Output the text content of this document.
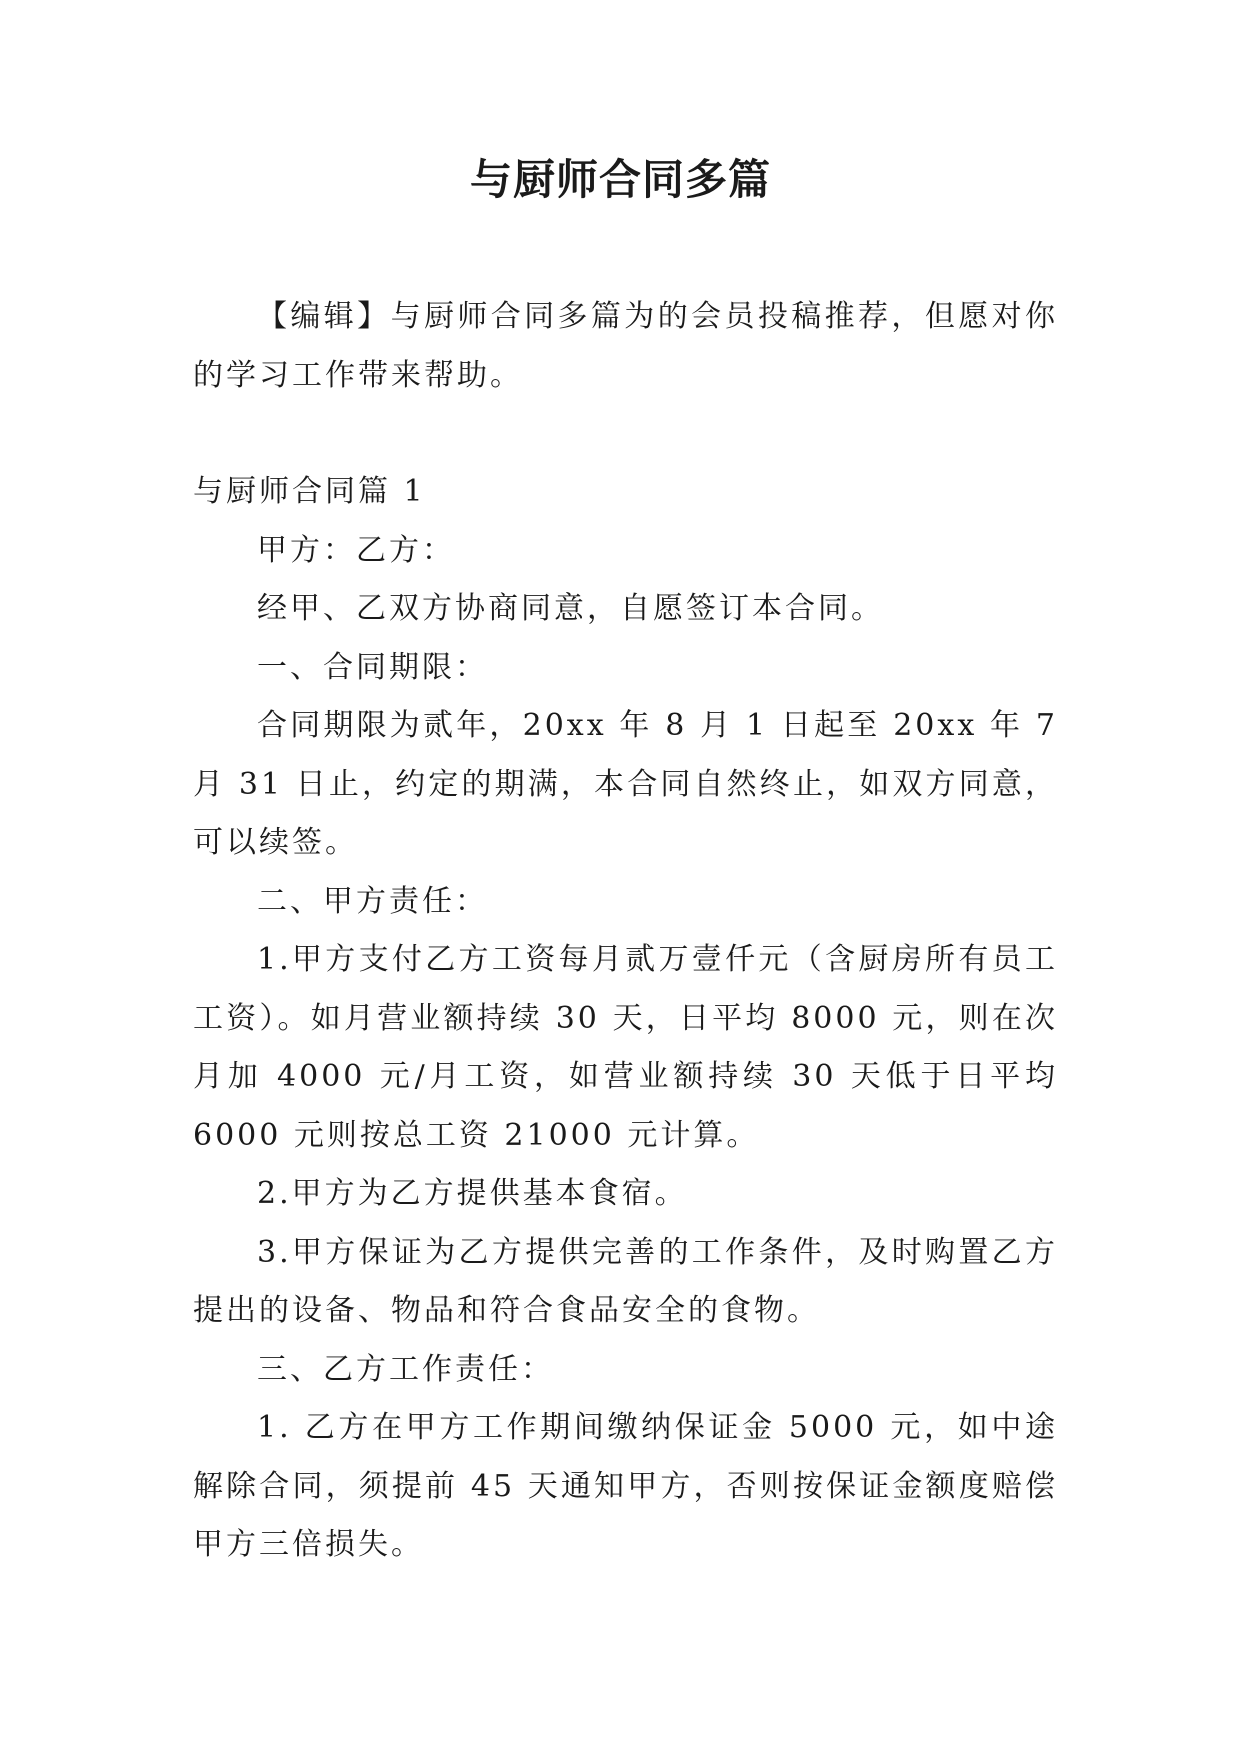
与厨师合同多篇

【编辑】与厨师合同多篇为的会员投稿推荐，但愿对你的学习工作带来帮助。

与厨师合同篇 1

甲方：乙方：

经甲、乙双方协商同意，自愿签订本合同。

一、合同期限：

合同期限为贰年，20xx 年 8 月 1 日起至 20xx 年 7 月 31 日止，约定的期满，本合同自然终止，如双方同意，可以续签。

二、甲方责任：

1.甲方支付乙方工资每月贰万壹仟元（含厨房所有员工工资）。如月营业额持续 30 天，日平均 8000 元，则在次月加 4000 元/月工资，如营业额持续 30 天低于日平均 6000 元则按总工资 21000 元计算。

2.甲方为乙方提供基本食宿。

3.甲方保证为乙方提供完善的工作条件，及时购置乙方提出的设备、物品和符合食品安全的食物。

三、乙方工作责任：

1. 乙方在甲方工作期间缴纳保证金 5000 元，如中途解除合同，须提前 45 天通知甲方，否则按保证金额度赔偿甲方三倍损失。
